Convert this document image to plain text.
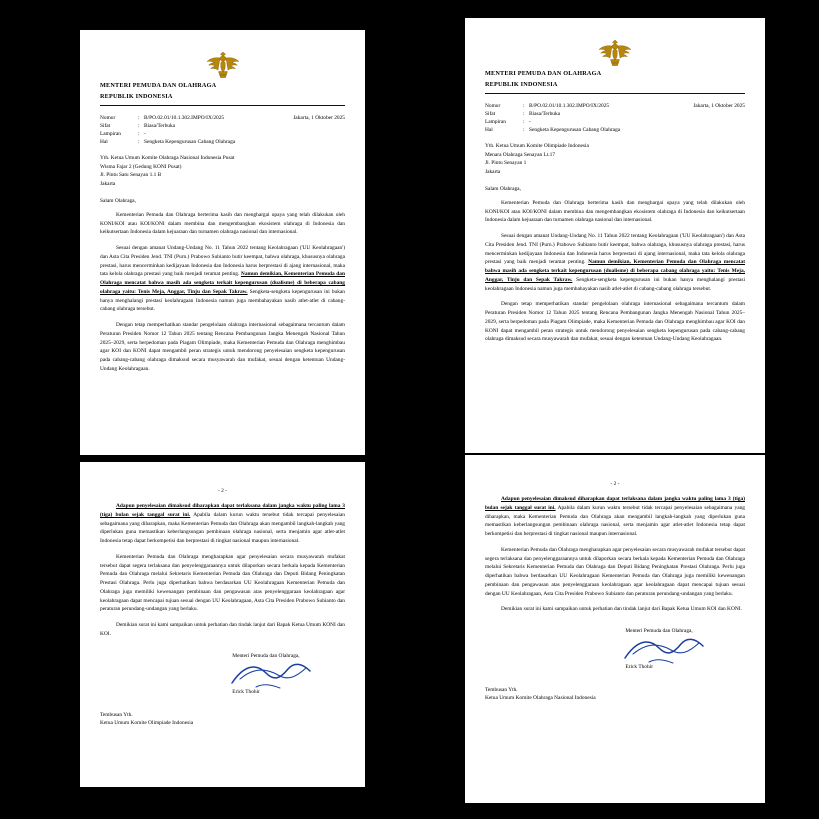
MENTERI PEMUDA DAN OLAHRAGA
REPUBLIK INDONESIA
Nomor	:	B/PO.02.01/10.1.302.IMPO/IX/2025	Jakarta, 1 Oktober 2025
Sifat	:	Biasa/Terbuka	
Lampiran	:	-	
Hal	:	Sengketa Kepengurusan Cabang Olahraga	
Yth. Ketua Umum Komite Olahraga Nasional Indonesia Pusat
Wisma Fajar 2 (Gedung KONI Pusat)
Jl. Pintu Satu Senayan 1.1 B
Jakarta
Salam Olahraga,

Kementerian Pemuda dan Olahraga berterima kasih dan menghargai upaya yang telah dilakukan oleh KONI/KOI atau KOI/KONI dalam membina dan mengembangkan ekosistem olahraga di Indonesia dan keikutsertaan Indonesia dalam kejuaraan dan turnamen olahraga nasional dan internasional.

Sesuai dengan amanat Undang-Undang No. 11 Tahun 2022 tentang Keolahragaan ('UU Keolahragaan') dan Asta Cita Presiden Jend. TNI (Purn.) Prabowo Subianto butir keempat, bahwa olahraga, khususnya olahraga prestasi, harus mencerminkan kedijayaan Indonesia dan Indonesia harus berprestasi di ajang internasional, maka tata kelola olahraga prestasi yang baik menjadi teramat penting. Namun demikian, Kementerian Pemuda dan Olahraga mencatat bahwa masih ada sengketa terkait kepengurusan (dualisme) di beberapa cabang olahraga yaitu: Tenis Meja, Anggar, Tinju dan Sepak Takraw. Sengketa-sengketa kepengurusan ini bukan hanya menghalangi prestasi keolahragaan Indonesia namun juga membahayakan nasib atlet-atlet di cabang-cabang olahraga tersebut.

Dengan tetap memperhatikan standar pengelolaan olahraga internasional sebagaimana tercantum dalam Peraturan Presiden Nomor 12 Tahun 2025 tentang Rencana Pembangunan Jangka Menengah Nasional Tahun 2025–2029, serta berpedoman pada Piagam Olimpiade, maka Kementerian Pemuda dan Olahraga menghimbau agar KOI dan KONI dapat mengambil peran strategis untuk mendorong penyelesaian sengketa kepengurusan pada cabang-cabang olahraga dimaksud secara musyawarah dan mufakat, sesuai dengan ketentuan Undang-Undang Keolahragaan.

- 2 -

Adapun penyelesaian dimaksud diharapkan dapat terlaksana dalam jangka waktu paling lama 3 (tiga) bulan sejak tanggal surat ini. Apabila dalam kurun waktu tersebut tidak tercapai penyelesaian sebagaimana yang diharapkan, maka Kementerian Pemuda dan Olahraga akan mengambil langkah-langkah yang diperlukan guna memastikan keberlangsungan pembinaan olahraga nasional, serta menjamin agar atlet-atlet Indonesia tetap dapat berkompetisi dan berprestasi di tingkat nasional maupun internasional.

Kementerian Pemuda dan Olahraga mengharapkan agar penyelesaian secara musyawarah mufakat tersebut dapat segera terlaksana dan penyelenggaraannya untuk dilaporkan secara berkala kepada Kementerian Pemuda dan Olahraga melalui Sekretaris Kementerian Pemuda dan Olahraga dan Deputi Bidang Peningkatan Prestasi Olahraga. Perlu juga diperhatikan bahwa berdasarkan UU Keolahragaan Kementerian Pemuda dan Olahraga juga memiliki kewenangan pembinaan dan pengawasan atas penyelenggaraan keolahragaan agar keolahragaan dapat mencapai tujuan sesuai dengan UU Keolahragaan, Asta Cita Presiden Prabowo Subianto dan peraturan perundang-undangan yang berlaku.

Demikian surat ini kami sampaikan untuk perhatian dan tindak lanjut dari Bapak Ketua Umum KONI dan KOI.

Menteri Pemuda dan Olahraga,
Erick Thohir
Tembusan Yth.
Ketua Umum Komite Olimpiade Indonesia
MENTERI PEMUDA DAN OLAHRAGA
REPUBLIK INDONESIA
Nomor	:	B/PO.02.01/10.1.302.IMPO/IX/2025	Jakarta, 1 Oktober 2025
Sifat	:	Biasa/Terbuka	
Lampiran	:	-	
Hal	:	Sengketa Kepengurusan Cabang Olahraga	
Yth. Ketua Umum Komite Olimpiade Indonesia
Menara Olahraga Senayan Lt.17
Jl. Pintu Senayan 1
Jakarta
Salam Olahraga,

Kementerian Pemuda dan Olahraga berterima kasih dan menghargai upaya yang telah dilakukan oleh KONI/KOI atau KOI/KONI dalam membina dan mengembangkan ekosistem olahraga di Indonesia dan keikutsertaan Indonesia dalam kejuaraan dan turnamen olahraga nasional dan internasional.

Sesuai dengan amanat Undang-Undang No. 11 Tahun 2022 tentang Keolahragaan ('UU Keolahragaan') dan Asta Cita Presiden Jend. TNI (Purn.) Prabowo Subianto butir keempat, bahwa olahraga, khususnya olahraga prestasi, harus mencerminkan kedijayaan Indonesia dan Indonesia harus berprestasi di ajang internasional, maka tata kelola olahraga prestasi yang baik menjadi teramat penting. Namun demikian, Kementerian Pemuda dan Olahraga mencatat bahwa masih ada sengketa terkait kepengurusan (dualisme) di beberapa cabang olahraga yaitu: Tenis Meja, Anggar, Tinju dan Sepak Takraw. Sengketa-sengketa kepengurusan ini bukan hanya menghalangi prestasi keolahragaan Indonesia namun juga membahayakan nasib atlet-atlet di cabang-cabang olahraga tersebut.

Dengan tetap memperhatikan standar pengelolaan olahraga internasional sebagaimana tercantum dalam Peraturan Presiden Nomor 12 Tahun 2025 tentang Rencana Pembangunan Jangka Menengah Nasional Tahun 2025–2029, serta berpedoman pada Piagam Olimpiade, maka Kementerian Pemuda dan Olahraga menghimbau agar KOI dan KONI dapat mengambil peran strategis untuk mendorong penyelesaian sengketa kepengurusan pada cabang-cabang olahraga dimaksud secara musyawarah dan mufakat, sesuai dengan ketentuan Undang-Undang Keolahragaan.

- 2 -

Adapun penyelesaian dimaksud diharapkan dapat terlaksana dalam jangka waktu paling lama 3 (tiga) bulan sejak tanggal surat ini. Apabila dalam kurun waktu tersebut tidak tercapai penyelesaian sebagaimana yang diharapkan, maka Kementerian Pemuda dan Olahraga akan mengambil langkah-langkah yang diperlukan guna memastikan keberlangsungan pembinaan olahraga nasional, serta menjamin agar atlet-atlet Indonesia tetap dapat berkompetisi dan berprestasi di tingkat nasional maupun internasional.

Kementerian Pemuda dan Olahraga mengharapkan agar penyelesaian secara musyawarah mufakat tersebut dapat segera terlaksana dan penyelenggaraannya untuk dilaporkan secara berkala kepada Kementerian Pemuda dan Olahraga melalui Sekretaris Kementerian Pemuda dan Olahraga dan Deputi Bidang Peningkatan Prestasi Olahraga. Perlu juga diperhatikan bahwa berdasarkan UU Keolahragaan Kementerian Pemuda dan Olahraga juga memiliki kewenangan pembinaan dan pengawasan atas penyelenggaraan keolahragaan agar keolahragaan dapat mencapai tujuan sesuai dengan UU Keolahragaan, Asta Cita Presiden Prabowo Subianto dan peraturan perundang-undangan yang berlaku.

Demikian surat ini kami sampaikan untuk perhatian dan tindak lanjut dari Bapak Ketua Umum KOI dan KONI.

Menteri Pemuda dan Olahraga,
Erick Thohir
Tembusan Yth.
Ketua Umum Komite Olahraga Nasional Indonesia
